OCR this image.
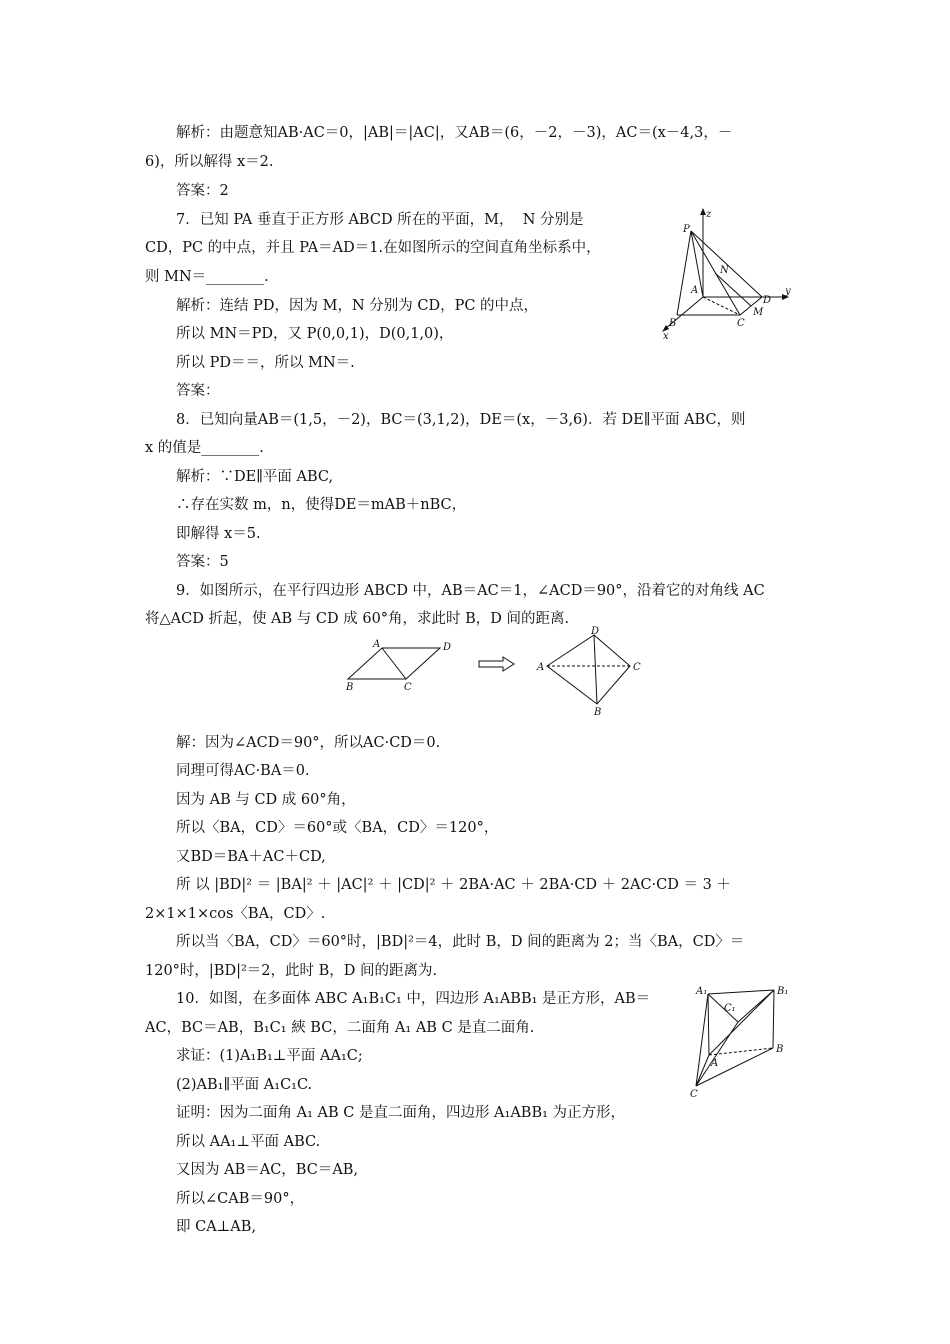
解析：由题意知AB·AC＝0，|AB|＝|AC|，又AB＝(6，－2，－3)，AC＝(x－4,3，－
6)，所以解得 x＝2.
答案：2
7．已知 PA 垂直于正方形 ABCD 所在的平面，M，  N 分别是
CD，PC 的中点，并且 PA＝AD＝1.在如图所示的空间直角坐标系中，
则 MN＝________.
解析：连结 PD，因为 M，N 分别为 CD，PC 的中点，
所以 MN＝PD，又 P(0,0,1)，D(0,1,0)，
所以 PD＝＝，所以 MN＝.
答案：
8．已知向量AB＝(1,5，－2)，BC＝(3,1,2)，DE＝(x，－3,6)．若 DE∥平面 ABC，则
x 的值是________.
解析：∵DE∥平面 ABC,
∴存在实数 m，n，使得DE＝mAB＋nBC，
即解得 x＝5.
答案：5
9．如图所示，在平行四边形 ABCD 中，AB＝AC＝1，∠ACD＝90°，沿着它的对角线 AC
将△ACD 折起，使 AB 与 CD 成 60°角，求此时 B，D 间的距离.
解：因为∠ACD＝90°，所以AC·CD＝0.
同理可得AC·BA＝0.
因为 AB 与 CD 成 60°角，
所以〈BA，CD〉＝60°或〈BA，CD〉＝120°，
又BD＝BA＋AC＋CD,
所 以 |BD|² ＝ |BA|² ＋ |AC|² ＋ |CD|² ＋ 2BA·AC ＋ 2BA·CD ＋ 2AC·CD ＝ 3 ＋
2×1×1×cos〈BA，CD〉.
所以当〈BA，CD〉＝60°时，|BD|²＝4，此时 B，D 间的距离为 2；当〈BA，CD〉＝
120°时，|BD|²＝2，此时 B，D 间的距离为.
10．如图，在多面体 ABC A₁B₁C₁ 中，四边形 A₁ABB₁ 是正方形，AB＝
AC，BC＝AB，B₁C₁ 綊 BC，二面角 A₁ AB C 是直二面角.
求证：(1)A₁B₁⊥平面 AA₁C;
(2)AB₁∥平面 A₁C₁C.
证明：因为二面角 A₁ AB C 是直二面角，四边形 A₁ABB₁ 为正方形，
所以 AA₁⊥平面 ABC.
又因为 AB＝AC，BC＝AB,
所以∠CAB＝90°，
即 CA⊥AB,
z
y
x
P
N
A
B	C
D
M
A	D
B	C
D
A	C
B
A₁	B₁
C₁
A
B
C
